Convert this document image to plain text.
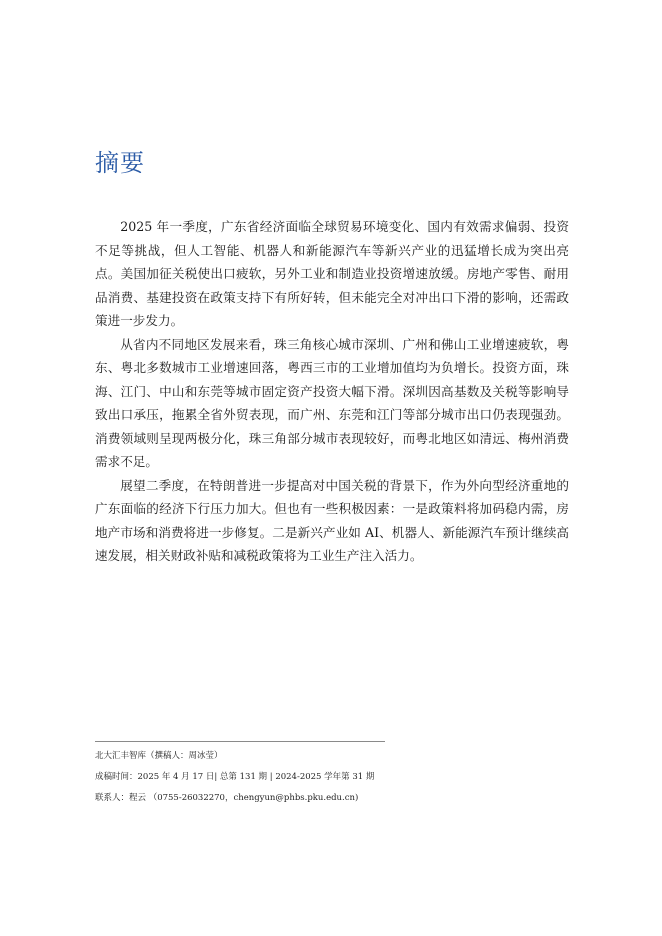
摘要

2025 年一季度，广东省经济面临全球贸易环境变化、国内有效需求偏弱、投资不足等挑战，但人工智能、机器人和新能源汽车等新兴产业的迅猛增长成为突出亮点。美国加征关税使出口疲软，另外工业和制造业投资增速放缓。房地产零售、耐用品消费、基建投资在政策支持下有所好转，但未能完全对冲出口下滑的影响，还需政策进一步发力。

从省内不同地区发展来看，珠三角核心城市深圳、广州和佛山工业增速疲软，粤东、粤北多数城市工业增速回落，粤西三市的工业增加值均为负增长。投资方面，珠海、江门、中山和东莞等城市固定资产投资大幅下滑。深圳因高基数及关税等影响导致出口承压，拖累全省外贸表现，而广州、东莞和江门等部分城市出口仍表现强劲。消费领域则呈现两极分化，珠三角部分城市表现较好，而粤北地区如清远、梅州消费需求不足。

展望二季度，在特朗普进一步提高对中国关税的背景下，作为外向型经济重地的广东面临的经济下行压力加大。但也有一些积极因素：一是政策料将加码稳内需，房地产市场和消费将进一步修复。二是新兴产业如 AI、机器人、新能源汽车预计继续高速发展，相关财政补贴和减税政策将为工业生产注入活力。

北大汇丰智库（撰稿人：周冰莹）
成稿时间：2025 年 4 月 17 日| 总第 131 期 | 2024-2025 学年第 31 期
联系人：程云 （0755-26032270，chengyun@phbs.pku.edu.cn)
